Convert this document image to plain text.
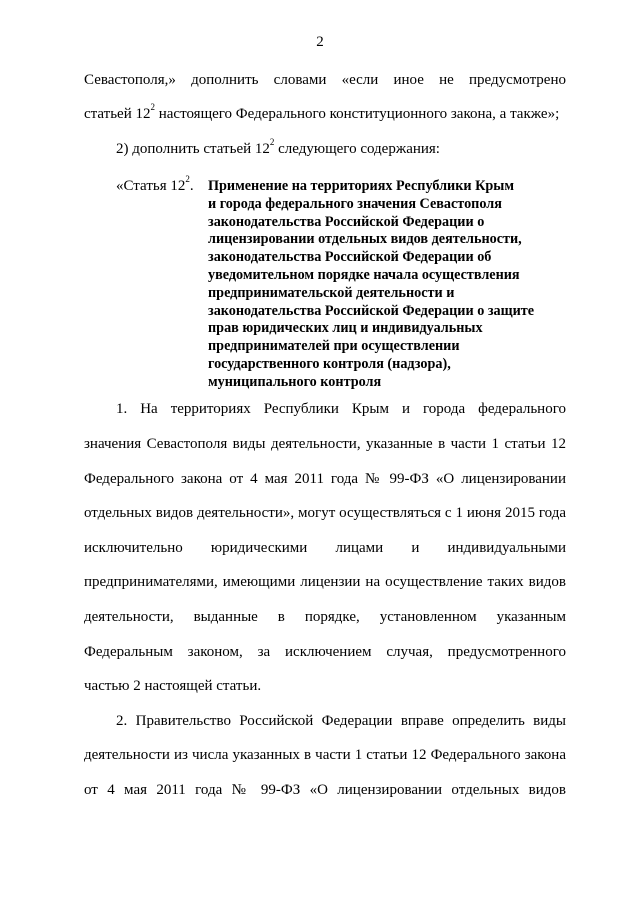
2
Севастополя,» дополнить словами «если иное не предусмотрено
статьей $12^2$ настоящего Федерального конституционного закона, а также»;
2) дополнить статьей $12^2$ следующего содержания:
«Статья $12^2$. Применение на территориях Республики Крым
и города федерального значения Севастополя
законодательства Российской Федерации о
лицензировании отдельных видов деятельности,
законодательства Российской Федерации об
уведомительном порядке начала осуществления
предпринимательской деятельности и
законодательства Российской Федерации о защите
прав юридических лиц и индивидуальных
предпринимателей при осуществлении
государственного контроля (надзора),
муниципального контроля
1. На территориях Республики Крым и города федерального
значения Севастополя виды деятельности, указанные в части 1 статьи 12
Федерального закона от 4 мая 2011 года № 99-ФЗ «О лицензировании
отдельных видов деятельности», могут осуществляться с 1 июня 2015 года
исключительно юридическими лицами и индивидуальными
предпринимателями, имеющими лицензии на осуществление таких видов
деятельности, выданные в порядке, установленном указанным
Федеральным законом, за исключением случая, предусмотренного
частью 2 настоящей статьи.
2. Правительство Российской Федерации вправе определить виды
деятельности из числа указанных в части 1 статьи 12 Федерального закона
от 4 мая 2011 года № 99-ФЗ «О лицензировании отдельных видов
